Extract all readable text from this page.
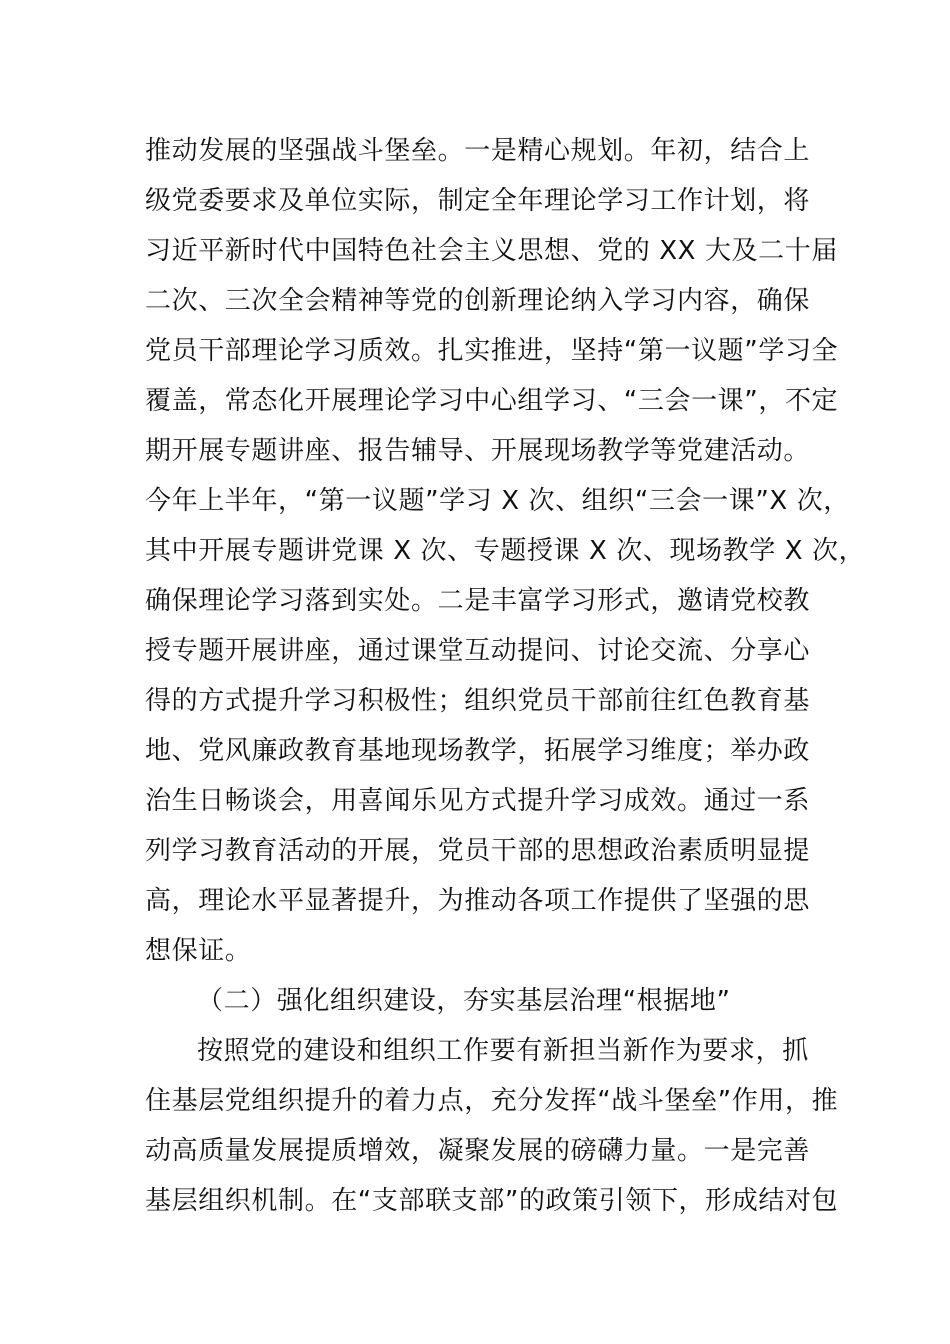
推动发展的坚强战斗堡垒。一是精心规划。年初，结合上
级党委要求及单位实际，制定全年理论学习工作计划，将
习近平新时代中国特色社会主义思想、党的 XX 大及二十届
二次、三次全会精神等党的创新理论纳入学习内容，确保
党员干部理论学习质效。扎实推进，坚持“第一议题”学习全
覆盖，常态化开展理论学习中心组学习、“三会一课”，不定
期开展专题讲座、报告辅导、开展现场教学等党建活动。
今年上半年，“第一议题”学习 X 次、组织“三会一课”X 次，
其中开展专题讲党课 X 次、专题授课 X 次、现场教学 X 次，
确保理论学习落到实处。二是丰富学习形式，邀请党校教
授专题开展讲座，通过课堂互动提问、讨论交流、分享心
得的方式提升学习积极性；组织党员干部前往红色教育基
地、党风廉政教育基地现场教学，拓展学习维度；举办政
治生日畅谈会，用喜闻乐见方式提升学习成效。通过一系
列学习教育活动的开展，党员干部的思想政治素质明显提
高，理论水平显著提升，为推动各项工作提供了坚强的思
想保证。
（二）强化组织建设，夯实基层治理“根据地”
按照党的建设和组织工作要有新担当新作为要求，抓
住基层党组织提升的着力点，充分发挥“战斗堡垒”作用，推
动高质量发展提质增效，凝聚发展的磅礴力量。一是完善
基层组织机制。在“支部联支部”的政策引领下，形成结对包
